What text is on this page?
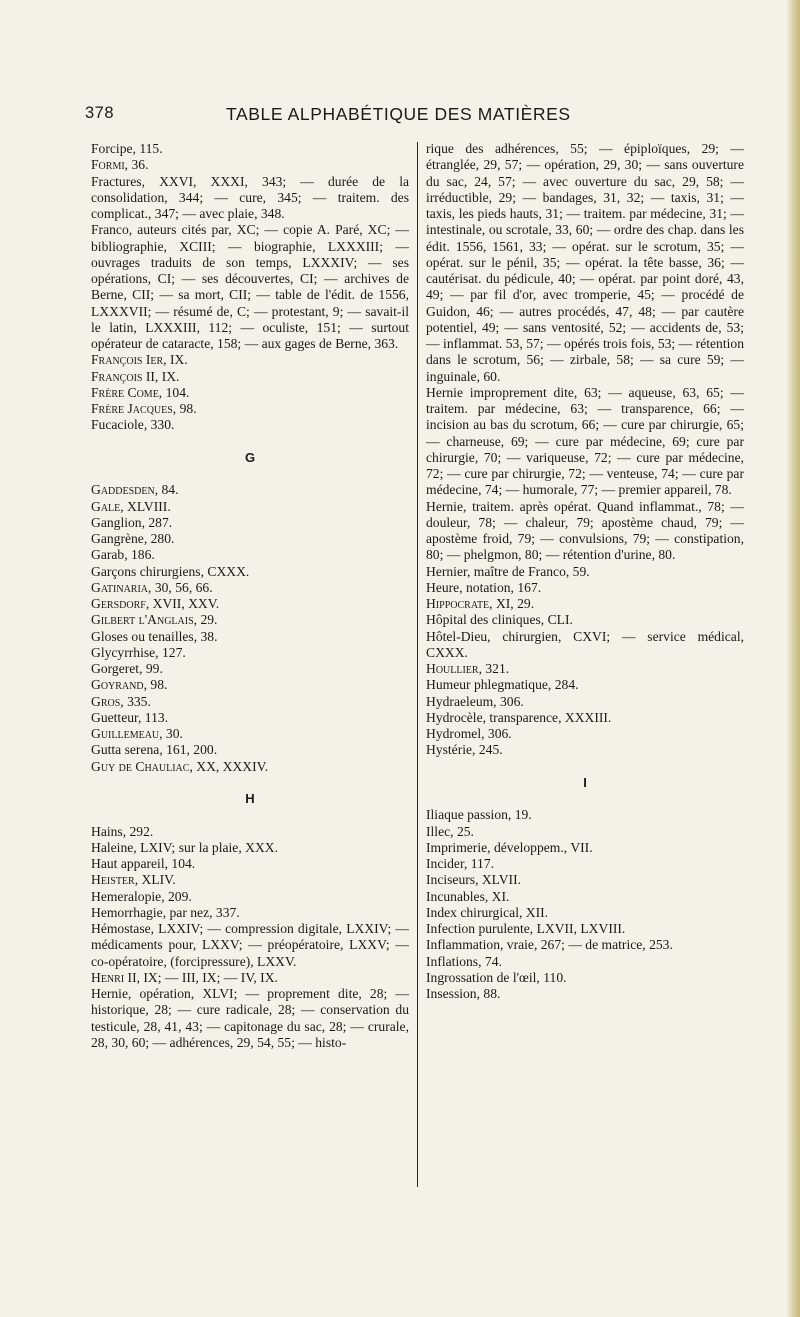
378	TABLE ALPHABÉTIQUE DES MATIÈRES
Forcipe, 115.
Formi, 36.
Fractures, XXVI, XXXI, 343; — durée de la consolidation, 344; — cure, 345; — traitem. des complicat., 347; — avec plaie, 348.
Franco, auteurs cités par, XC; — copie A. Paré, XC; — bibliographie, XCIII; — biographie, LXXXIII; — ouvrages traduits de son temps, LXXXIV; — ses opérations, CI; — ses découvertes, CI; — archives de Berne, CII; — sa mort, CII; — table de l'édit. de 1556, LXXXVII; — résumé de, C; — protestant, 9; — savait-il le latin, LXXXIII, 112; — oculiste, 151; — surtout opérateur de cataracte, 158; — aux gages de Berne, 363.
François Ier, IX.
François II, IX.
Frère Come, 104.
Frère Jacques, 98.
Fucaciole, 330.
G
Gaddesden, 84.
Gale, XLVIII.
Ganglion, 287.
Gangrène, 280.
Garab, 186.
Garçons chirurgiens, CXXX.
Gatinaria, 30, 56, 66.
Gersdorf, XVII, XXV.
Gilbert l'Anglais, 29.
Gloses ou tenailles, 38.
Glycyrrhise, 127.
Gorgeret, 99.
Goyrand, 98.
Gros, 335.
Guetteur, 113.
Guillemeau, 30.
Gutta serena, 161, 200.
Guy de Chauliac, XX, XXXIV.
H
Hains, 292.
Haleine, LXIV; sur la plaie, XXX.
Haut appareil, 104.
Heister, XLIV.
Hemeralopie, 209.
Hemorrhagie, par nez, 337.
Hémostase, LXXIV; — compression digitale, LXXIV; — médicaments pour, LXXV; — préopératoire, LXXV; — co-opératoire, (forcipressure), LXXV.
Henri II, IX; — III, IX; — IV, IX.
Hernie, opération, XLVI; — proprement dite, 28; — historique, 28; — cure radicale, 28; — conservation du testicule, 28, 41, 43; — capitonage du sac, 28; — crurale, 28, 30, 60; — adhérences, 29, 54, 55; — histo-
rique des adhérences, 55; — épiploïques, 29; — étranglée, 29, 57; — opération, 29, 30; — sans ouverture du sac, 24, 57; — avec ouverture du sac, 29, 58; — irréductible, 29; — bandages, 31, 32; — taxis, 31; — taxis, les pieds hauts, 31; — traitem. par médecine, 31; — intestinale, ou scrotale, 33, 60; — ordre des chap. dans les édit. 1556, 1561, 33; — opérat. sur le scrotum, 35; — opérat. sur le pénil, 35; — opérat. la tête basse, 36; — cautérisat. du pédicule, 40; — opérat. par point doré, 43, 49; — par fil d'or, avec tromperie, 45; — procédé de Guidon, 46; — autres procédés, 47, 48; — par cautère potentiel, 49; — sans ventosité, 52; — accidents de, 53; — inflammat. 53, 57; — opérés trois fois, 53; — rétention dans le scrotum, 56; — zirbale, 58; — sa cure 59; — inguinale, 60.
Hernie improprement dite, 63; — aqueuse, 63, 65; — traitem. par médecine, 63; — transparence, 66; — incision au bas du scrotum, 66; — cure par chirurgie, 65; — charneuse, 69; — cure par médecine, 69; cure par chirurgie, 70; — variqueuse, 72; — cure par médecine, 72; — cure par chirurgie, 72; — venteuse, 74; — cure par médecine, 74; — humorale, 77; — premier appareil, 78.
Hernie, traitem. après opérat. Quand inflammat., 78; — douleur, 78; — chaleur, 79; apostème chaud, 79; — apostème froid, 79; — convulsions, 79; — constipation, 80; — phelgmon, 80; — rétention d'urine, 80.
Hernier, maître de Franco, 59.
Heure, notation, 167.
Hippocrate, XI, 29.
Hôpital des cliniques, CLI.
Hôtel-Dieu, chirurgien, CXVI; — service médical, CXXX.
Houllier, 321.
Humeur phlegmatique, 284.
Hydraeleum, 306.
Hydrocèle, transparence, XXXIII.
Hydromel, 306.
Hystérie, 245.
I
Iliaque passion, 19.
Illec, 25.
Imprimerie, développem., VII.
Incider, 117.
Inciseurs, XLVII.
Incunables, XI.
Index chirurgical, XII.
Infection purulente, LXVII, LXVIII.
Inflammation, vraie, 267; — de matrice, 253.
Inflations, 74.
Ingrossation de l'œil, 110.
Insession, 88.
